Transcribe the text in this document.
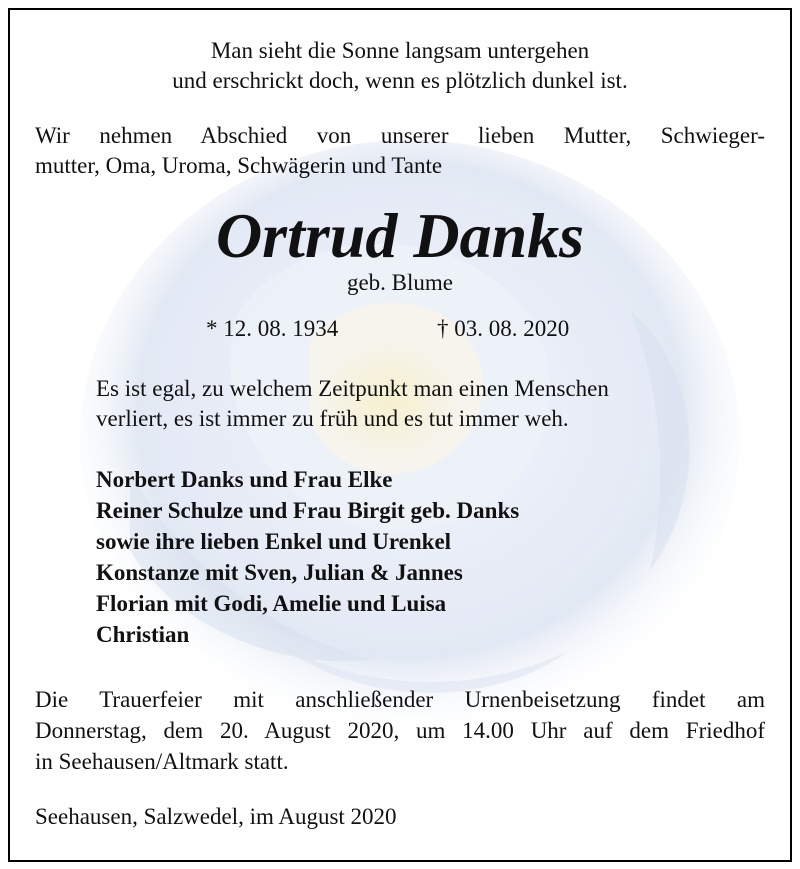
Man sieht die Sonne langsam untergehen
und erschrickt doch, wenn es plötzlich dunkel ist.
Wir nehmen Abschied von unserer lieben Mutter, Schwieger-
mutter, Oma, Uroma, Schwägerin und Tante
Ortrud Danks
geb. Blume
* 12. 08. 1934	† 03. 08. 2020
Es ist egal, zu welchem Zeitpunkt man einen Menschen
verliert, es ist immer zu früh und es tut immer weh.
Norbert Danks und Frau Elke
Reiner Schulze und Frau Birgit geb. Danks
sowie ihre lieben Enkel und Urenkel
Konstanze mit Sven, Julian & Jannes
Florian mit Godi, Amelie und Luisa
Christian
Die Trauerfeier mit anschließender Urnenbeisetzung findet am
Donnerstag, dem 20. August 2020, um 14.00 Uhr auf dem Friedhof
in Seehausen/Altmark statt.
Seehausen, Salzwedel, im August 2020
